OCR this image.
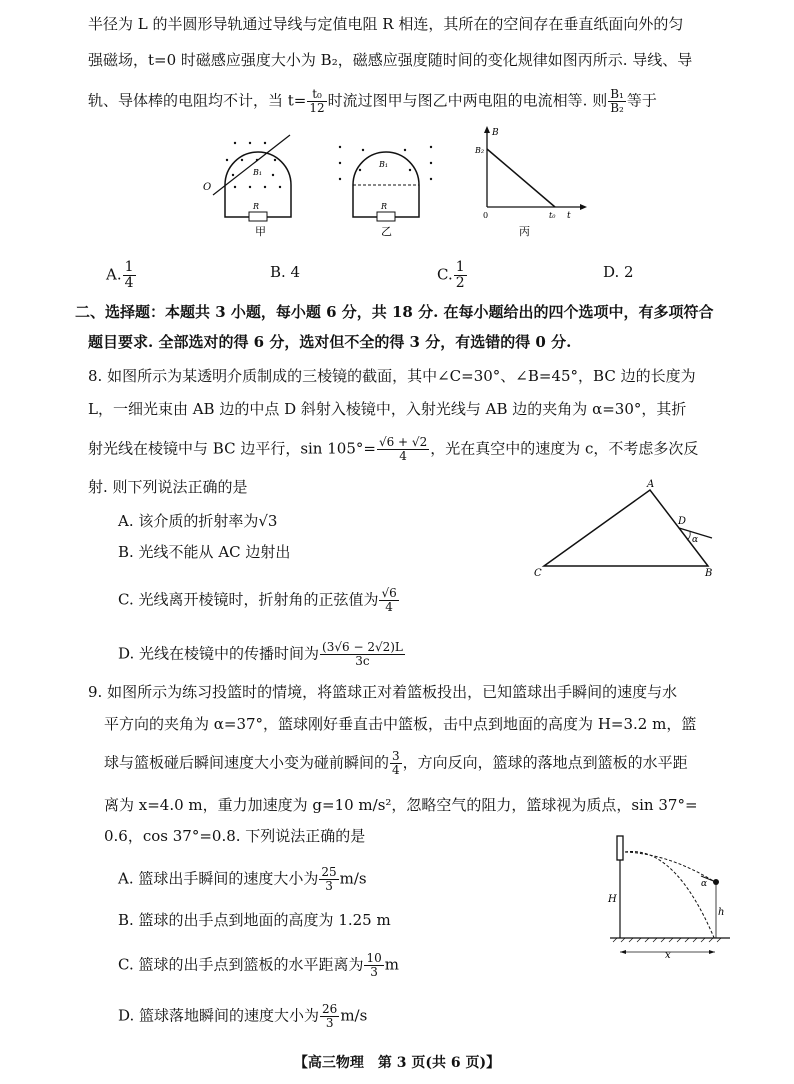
半径为 L 的半圆形导轨通过导线与定值电阻 R 相连，其所在的空间存在垂直纸面向外的匀
强磁场，t=0 时磁感应强度大小为 B₂，磁感应强度随时间的变化规律如图丙所示. 导线、导
轨、导体棒的电阻均不计，当 $t= \frac{\text{t₀}}{12}$ 时流过图甲与图乙中两电阻的电流相等. 则 $\frac{\text{B₁}}{\text{B₂}}$ 等于
O
B₁
R
甲
B₁
R
乙
B
B₂
0	t₀ t
丙
A. $\frac{1}{4}$	B. 4	C. $\frac{1}{2}$	D. 2
二、选择题：本题共 3 小题，每小题 6 分，共 18 分. 在每小题给出的四个选项中，有多项符合
题目要求. 全部选对的得 6 分，选对但不全的得 3 分，有选错的得 0 分.
8. 如图所示为某透明介质制成的三棱镜的截面，其中∠C=30°、∠B=45°，BC 边的长度为
L，一细光束由 AB 边的中点 D 斜射入棱镜中，入射光线与 AB 边的夹角为 α=30°，其折
射光线在棱镜中与 BC 边平行，$\sin 105^\circ= \frac{√6 + √2}{4}$ ，光在真空中的速度为 c，不考虑多次反
射. 则下列说法正确的是
A. 该介质的折射率为√3
B. 光线不能从 AC 边射出
C. 光线离开棱镜时，折射角的正弦值为 $\frac{√6}{4}$
D. 光线在棱镜中的传播时间为 $\frac{(3√6 - 2√2)L}{3c}$
A
C	B
D
α
9. 如图所示为练习投篮时的情境，将篮球正对着篮板投出，已知篮球出手瞬间的速度与水
平方向的夹角为 α=37°，篮球刚好垂直击中篮板，击中点到地面的高度为 H=3.2 m，篮
球与篮板碰后瞬间速度大小变为碰前瞬间的 $\frac{3}{4}$ ，方向反向，篮球的落地点到篮板的水平距
离为 x=4.0 m，重力加速度为 g=10 m/s²，忽略空气的阻力，篮球视为质点，sin 37°=
0.6，cos 37°=0.8. 下列说法正确的是
A. 篮球出手瞬间的速度大小为 $\frac{25}{3} m/s$
B. 篮球的出手点到地面的高度为 1.25 m
C. 篮球的出手点到篮板的水平距离为 $\frac{10}{3}$ m
D. 篮球落地瞬间的速度大小为 $\frac{26}{3} m/s$
H
h
x
α
【高三物理　第 3 页(共 6 页)】
